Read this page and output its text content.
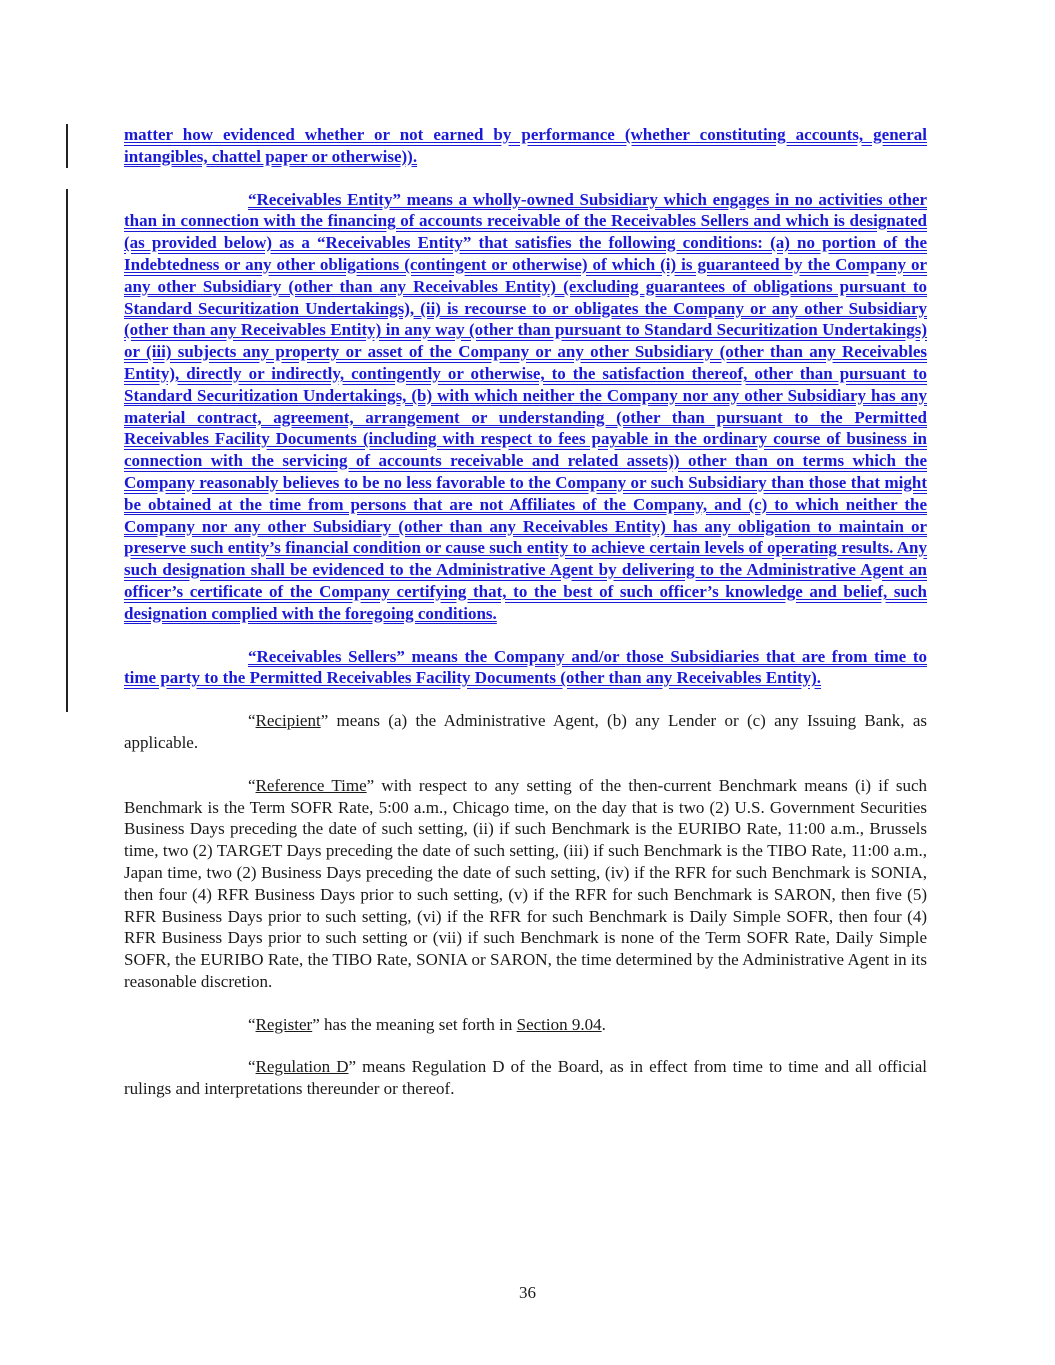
matter how evidenced whether or not earned by performance (whether constituting accounts, general intangibles, chattel paper or otherwise)).

“Receivables Entity” means a wholly-owned Subsidiary which engages in no activities other than in connection with the financing of accounts receivable of the Receivables Sellers and which is designated (as provided below) as a “Receivables Entity” that satisfies the following conditions: (a) no portion of the Indebtedness or any other obligations (contingent or otherwise) of which (i) is guaranteed by the Company or any other Subsidiary (other than any Receivables Entity) (excluding guarantees of obligations pursuant to Standard Securitization Undertakings), (ii) is recourse to or obligates the Company or any other Subsidiary (other than any Receivables Entity) in any way (other than pursuant to Standard Securitization Undertakings) or (iii) subjects any property or asset of the Company or any other Subsidiary (other than any Receivables Entity), directly or indirectly, contingently or otherwise, to the satisfaction thereof, other than pursuant to Standard Securitization Undertakings, (b) with which neither the Company nor any other Subsidiary has any material contract, agreement, arrangement or understanding (other than pursuant to the Permitted Receivables Facility Documents (including with respect to fees payable in the ordinary course of business in connection with the servicing of accounts receivable and related assets)) other than on terms which the Company reasonably believes to be no less favorable to the Company or such Subsidiary than those that might be obtained at the time from persons that are not Affiliates of the Company, and (c) to which neither the Company nor any other Subsidiary (other than any Receivables Entity) has any obligation to maintain or preserve such entity’s financial condition or cause such entity to achieve certain levels of operating results. Any such designation shall be evidenced to the Administrative Agent by delivering to the Administrative Agent an officer’s certificate of the Company certifying that, to the best of such officer’s knowledge and belief, such designation complied with the foregoing conditions.

“Receivables Sellers” means the Company and/or those Subsidiaries that are from time to time party to the Permitted Receivables Facility Documents (other than any Receivables Entity).

“Recipient” means (a) the Administrative Agent, (b) any Lender or (c) any Issuing Bank, as applicable.

“Reference Time” with respect to any setting of the then-current Benchmark means (i) if such Benchmark is the Term SOFR Rate, 5:00 a.m., Chicago time, on the day that is two (2) U.S. Government Securities Business Days preceding the date of such setting, (ii) if such Benchmark is the EURIBO Rate, 11:00 a.m., Brussels time, two (2) TARGET Days preceding the date of such setting, (iii) if such Benchmark is the TIBO Rate, 11:00 a.m., Japan time, two (2) Business Days preceding the date of such setting, (iv) if the RFR for such Benchmark is SONIA, then four (4) RFR Business Days prior to such setting, (v) if the RFR for such Benchmark is SARON, then five (5) RFR Business Days prior to such setting, (vi) if the RFR for such Benchmark is Daily Simple SOFR, then four (4) RFR Business Days prior to such setting or (vii) if such Benchmark is none of the Term SOFR Rate, Daily Simple SOFR, the EURIBO Rate, the TIBO Rate, SONIA or SARON, the time determined by the Administrative Agent in its reasonable discretion.

“Register” has the meaning set forth in Section 9.04.

“Regulation D” means Regulation D of the Board, as in effect from time to time and all official rulings and interpretations thereunder or thereof.

36
